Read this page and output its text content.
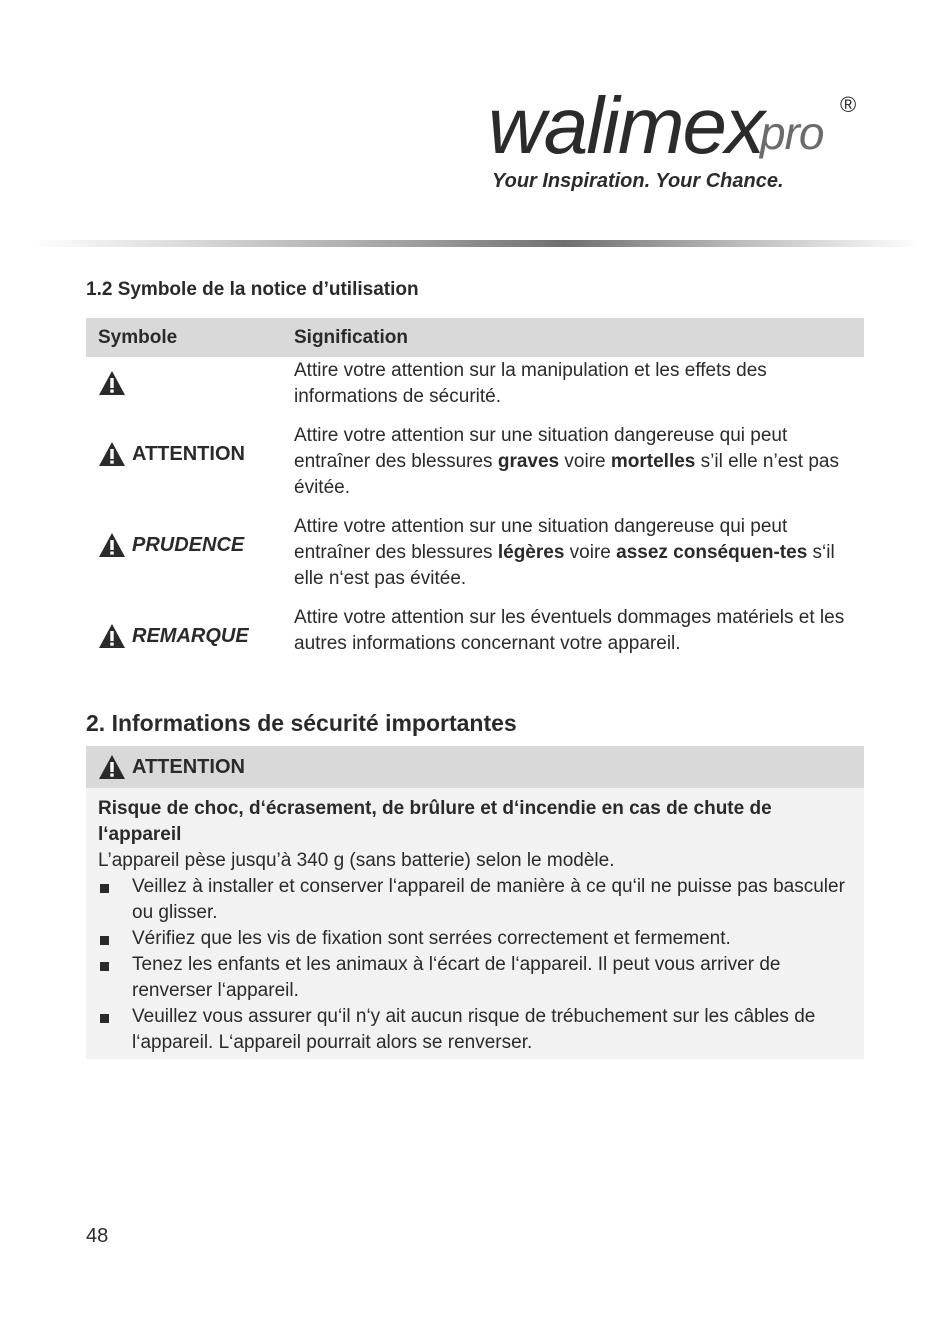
walimex
pro
®
Your Inspiration. Your Chance.
1.2 Symbole de la notice d’utilisation
Symbole	Signification
Attire votre attention sur la manipulation et les effets des informations de sécurité.
ATTENTION
Attire votre attention sur une situation dangereuse qui peut entraîner des blessures graves voire mortelles s’il elle n’est pas évitée.
PRUDENCE
Attire votre attention sur une situation dangereuse qui peut entraîner des blessures légères voire assez conséquen-tes s‘il elle n‘est pas évitée.
REMARQUE
Attire votre attention sur les éventuels dommages matériels et les autres informations concernant votre appareil.
2. Informations de sécurité importantes
ATTENTION
Risque de choc, d‘écrasement, de brûlure et d‘incendie en cas de chute de l‘appareil
L’appareil pèse jusqu’à 340 g (sans batterie) selon le modèle.
Veillez à installer et conserver l‘appareil de manière à ce qu‘il ne puisse pas basculer ou glisser.
Vérifiez que les vis de fixation sont serrées correctement et fermement.
Tenez les enfants et les animaux à l‘écart de l‘appareil. Il peut vous arriver de renverser l‘appareil.
Veuillez vous assurer qu‘il n‘y ait aucun risque de trébuchement sur les câbles de l‘appareil. L‘appareil pourrait alors se renverser.
48
